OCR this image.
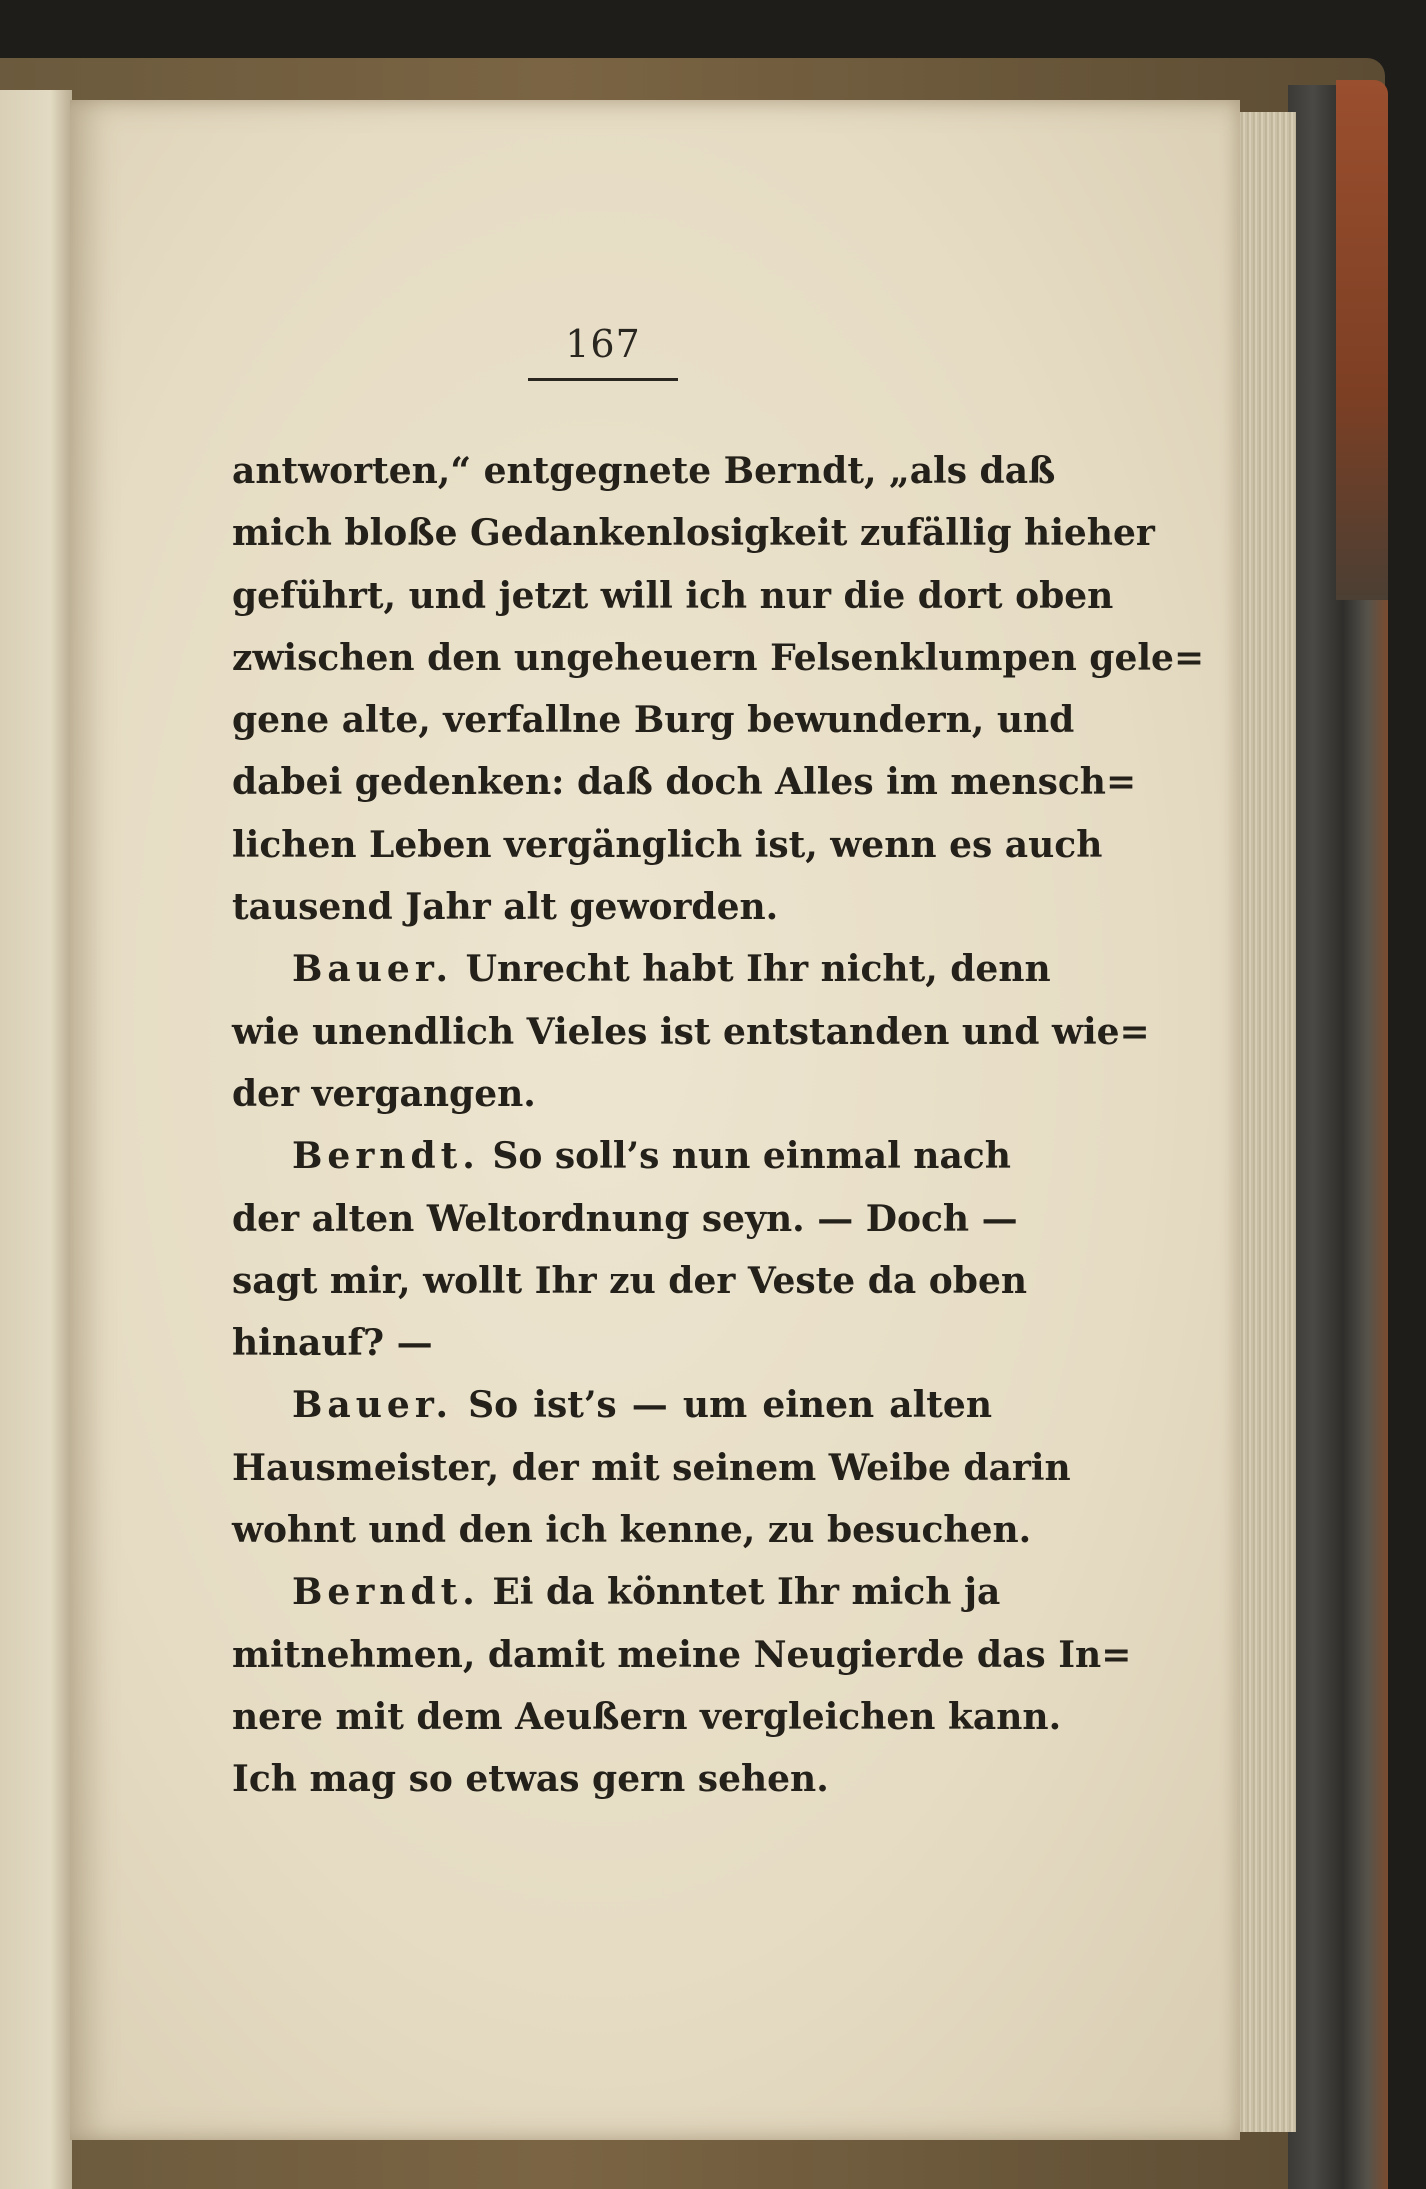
167
antworten,“ entgegnete Berndt, „als daß
mich bloße Gedankenlosigkeit zufällig hieher
geführt, und jetzt will ich nur die dort oben
zwischen den ungeheuern Felsenklumpen gele=
gene alte, verfallne Burg bewundern, und
dabei gedenken: daß doch Alles im mensch=
lichen Leben vergänglich ist, wenn es auch
tausend Jahr alt geworden.
Bauer. Unrecht habt Ihr nicht, denn
wie unendlich Vieles ist entstanden und wie=
der vergangen.
Berndt. So soll’s nun einmal nach
der alten Weltordnung seyn. — Doch —
sagt mir, wollt Ihr zu der Veste da oben
hinauf? —
Bauer. So ist’s — um einen alten
Hausmeister, der mit seinem Weibe darin
wohnt und den ich kenne, zu besuchen.
Berndt. Ei da könntet Ihr mich ja
mitnehmen, damit meine Neugierde das In=
nere mit dem Aeußern vergleichen kann.
Ich mag so etwas gern sehen.
